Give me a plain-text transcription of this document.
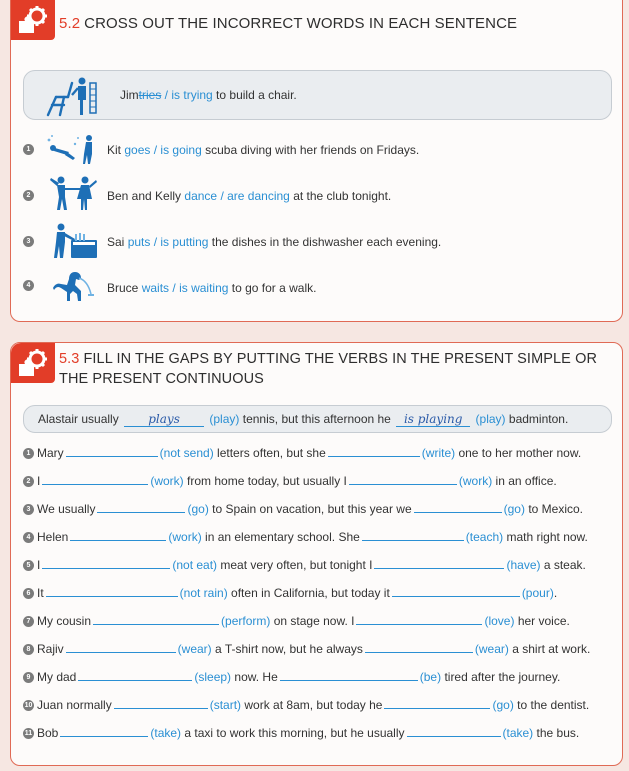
5.2 CROSS OUT THE INCORRECT WORDS IN EACH SENTENCE
Jimtries / is trying to build a chair.
1	Kit goes / is going scuba diving with her friends on Fridays.
2	Ben and Kelly dance / are dancing at the club tonight.
3	Sai puts / is putting the dishes in the dishwasher each evening.
4	Bruce waits / is waiting to go for a walk.
5.3 FILL IN THE GAPS BY PUTTING THE VERBS IN THE PRESENT SIMPLE OR
THE PRESENT CONTINUOUS
Alastair usually plays (play) tennis, but this afternoon he is playing (play) badminton.
1 Mary	(not send) letters often, but she	(write) one to her mother now.
2 I	(work) from home today, but usually I	(work) in an office.
3 We usually	(go) to Spain on vacation, but this year we	(go) to Mexico.
4 Helen	(work) in an elementary school. She	(teach) math right now.
5 I	(not eat) meat very often, but tonight I	(have) a steak.
6 It	(not rain) often in California, but today it	(pour).
7 My cousin	(perform) on stage now. I	(love) her voice.
8 Rajiv	(wear) a T-shirt now, but he always	(wear) a shirt at work.
9 My dad	(sleep) now. He	(be) tired after the journey.
10 Juan normally	(start) work at 8am, but today he	(go) to the dentist.
11 Bob	(take) a taxi to work this morning, but he usually	(take) the bus.
